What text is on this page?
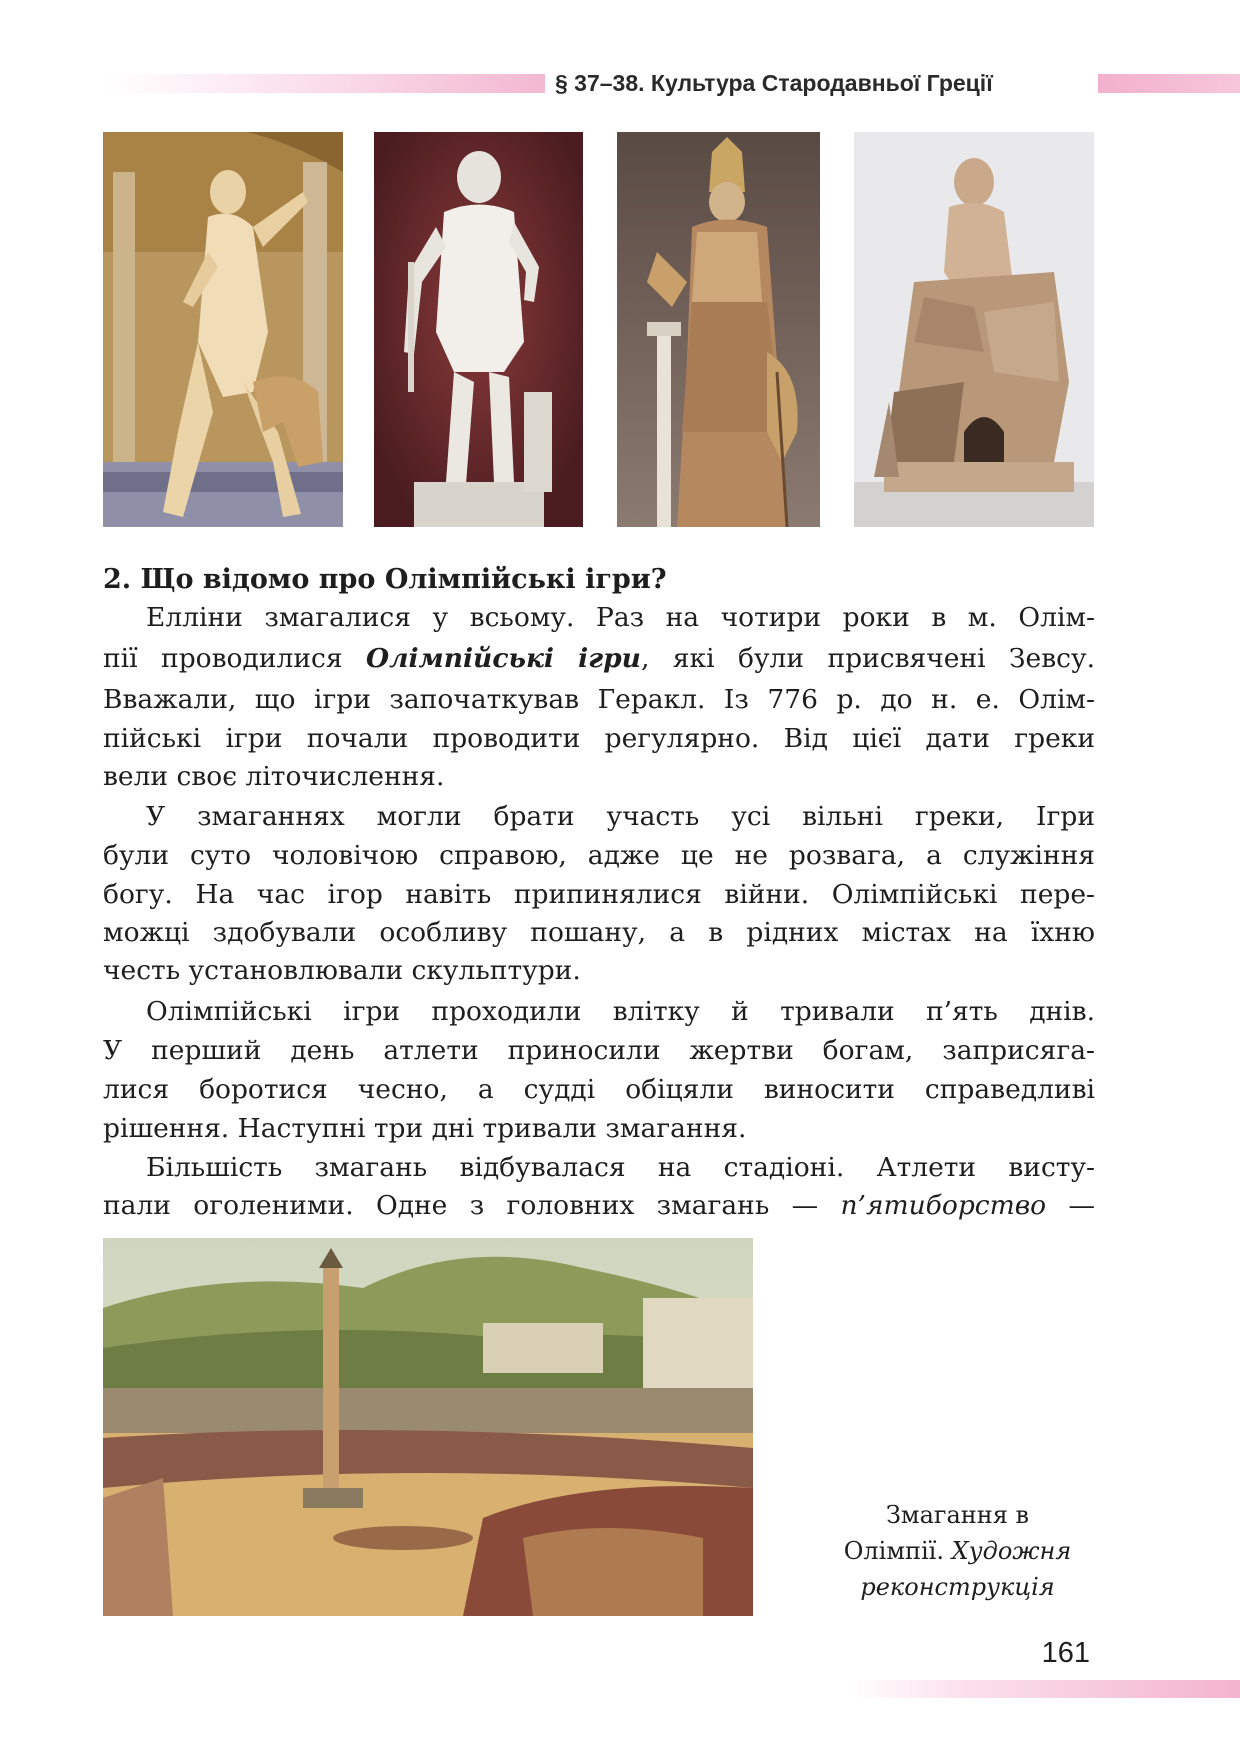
§ 37–38. Культура Стародавньої Греції
2. Що відомо про Олімпійські ігри?
Елліни змагалися у всьому. Раз на чотири роки в м. Олім-
пії проводилися Олімпійські ігри, які були присвячені Зевсу.
Вважали, що ігри започаткував Геракл. Із 776 р. до н. е. Олім-
пійські ігри почали проводити регулярно. Від цієї дати греки
вели своє літочислення.
У змаганнях могли брати участь усі вільні греки, Ігри
були суто чоловічою справою, адже це не розвага, а служіння
богу. На час ігор навіть припинялися війни. Олімпійські пере-
можці здобували особливу пошану, а в рідних містах на їхню
честь установлювали скульптури.
Олімпійські ігри проходили влітку й тривали п’ять днів.
У перший день атлети приносили жертви богам, заприсяга-
лися боротися чесно, а судді обіцяли виносити справедливі
рішення. Наступні три дні тривали змагання.
Більшість змагань відбувалася на стадіоні. Атлети висту-
пали оголеними. Одне з головних змагань — п’ятиборство —
Змагання в
Олімпії. Художня
реконструкція
161
